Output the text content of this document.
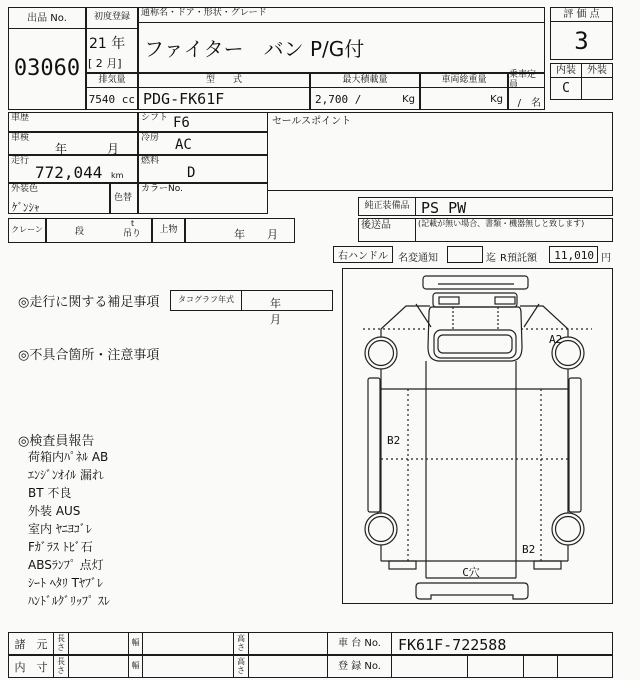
出品 No.
03060
初度登録
21 年
[ 2 月]
通称名・ドア・形状・グレード
ファイター　バン P/G付
評 価 点
3
内装	外装
C
排気量
7540 cc
型　　式
PDG-FK61F
最大積載量
2,700 /	Kg
車両総重量
Kg
乗車定員
/　名
車歴	シフト F6
車検
年　月
冷房 AC
走行
772,044 km
燃料
D
外装色
ｹﾞﾝｼｬ
色替
カラーNo.
クレーン	段
t
吊り	上物	年　　月
セールスポイント
純正装備品 PS PW
後送品	(記載が無い場合、書類・機器無しと致します)
右ハンドル	名変通知	迄 R預託額	11,010 円
◎走行に関する補足事項	タコグラフ年式	年　月
◎不具合箇所・注意事項
◎検査員報告
荷箱内ﾊﾟﾈﾙ AB
ｴﾝｼﾞﾝｵｲﾙ 漏れ
BT 不良
外装 AUS
室内 ﾔﾆﾖｺﾞﾚ
Fｶﾞﾗｽ ﾄﾋﾞ石
ABSﾗﾝﾌﾟ 点灯
ｼｰﾄ ﾍﾀﾘ Tﾔﾌﾞﾚ
ﾊﾝﾄﾞﾙｸﾞﾘｯﾌﾟ ｽﾚ
A2
B2
B2
C穴
諸　元	長さ	幅	高さ	車 台 No.	FK61F-722588
内　寸	長さ	幅	高さ	登 録 No.
